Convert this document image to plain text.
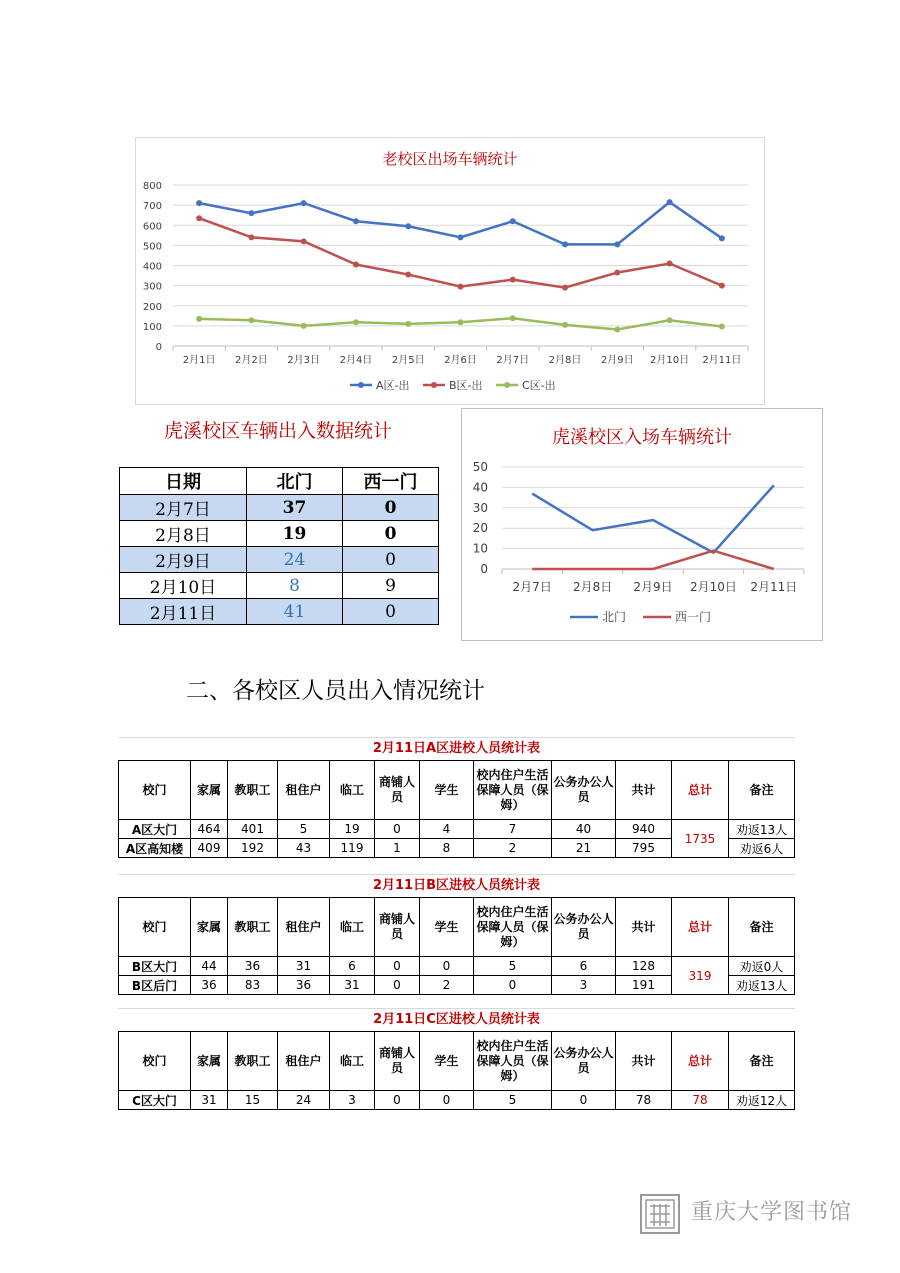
老校区出场车辆统计
0
100
200
300
400
500
600
700
800
2月1日 2月2日 2月3日 2月4日 2月5日 2月6日 2月7日 2月8日 2月9日 2月10日 2月11日
A区-出	B区-出	C区-出
虎溪校区车辆出入数据统计
日期	北门	西一门
2月7日	37	0
2月8日	19	0
2月9日	24	0
2月10日	8	9
2月11日	41	0
虎溪校区入场车辆统计
0
10
20
30
40
50
2月7日 2月8日 2月9日 2月10日 2月11日
北门	西一门
二、各校区人员出入情况统计
2月11日A区进校人员统计表
校门	家属	教职工	租住户	临工	商铺人员	学生	校内住户生活保障人员（保姆）	公务办公人员	共计	总计	备注
A区大门	464	401	5	19	0	4	7	40	940	1735	劝返13人
A区高知楼	409	192	43	119	1	8	2	21	795		劝返6人
2月11日B区进校人员统计表
校门	家属	教职工	租住户	临工	商铺人员	学生	校内住户生活保障人员（保姆）	公务办公人员	共计	总计	备注
B区大门	44	36	31	6	0	0	5	6	128	319	劝返0人
B区后门	36	83	36	31	0	2	0	3	191		劝返13人
2月11日C区进校人员统计表
校门	家属	教职工	租住户	临工	商铺人员	学生	校内住户生活保障人员（保姆）	公务办公人员	共计	总计	备注
C区大门	31	15	24	3	0	0	5	0	78	78	劝返12人
重庆大学图书馆
